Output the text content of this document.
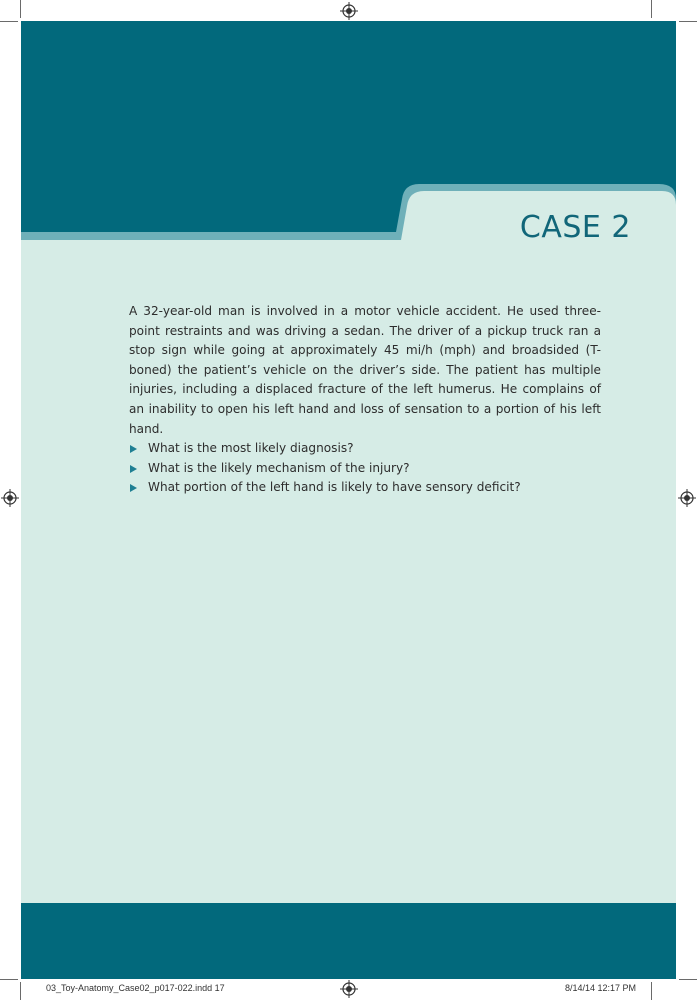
CASE 2

A 32-year-old man is involved in a motor vehicle accident. He used three-point restraints and was driving a sedan. The driver of a pickup truck ran a stop sign while going at approximately 45 mi/h (mph) and broadsided (T-boned) the patient’s vehicle on the driver’s side. The patient has multiple injuries, including a displaced fracture of the left humerus. He complains of an inability to open his left hand and loss of sensation to a portion of his left hand.

What is the most likely diagnosis?
What is the likely mechanism of the injury?
What portion of the left hand is likely to have sensory deficit?
03_Toy-Anatomy_Case02_p017-022.indd 17	8/14/14 12:17 PM
